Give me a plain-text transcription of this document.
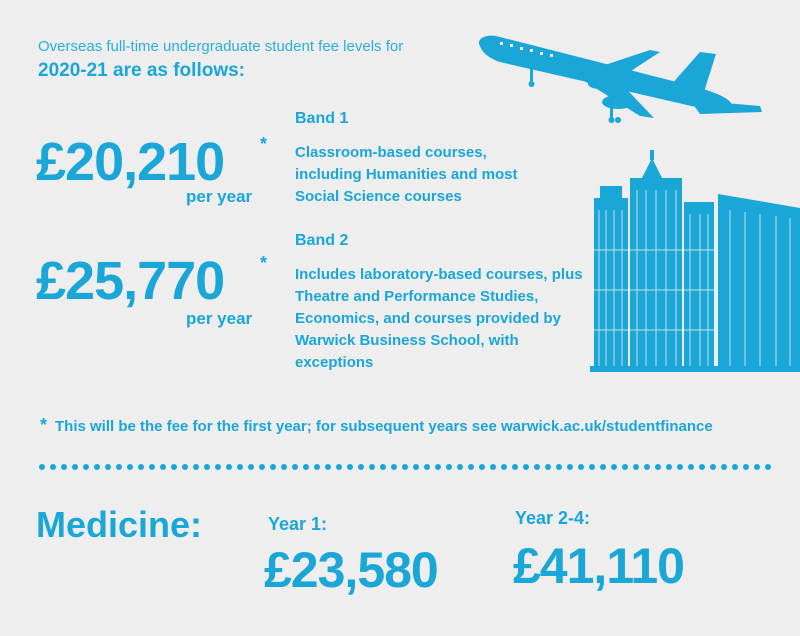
Overseas full-time undergraduate student fee levels for
2020-21 are as follows:
£20,210 *
per year
Band 1
Classroom-based courses, including Humanities and most Social Science courses
£25,770 *
per year
Band 2
Includes laboratory-based courses, plus Theatre and Performance Studies, Economics, and courses provided by Warwick Business School, with exceptions
* This will be the fee for the first year; for subsequent years see warwick.ac.uk/studentfinance
Medicine:	Year 1:
£23,580
Year 2-4:
£41,110
